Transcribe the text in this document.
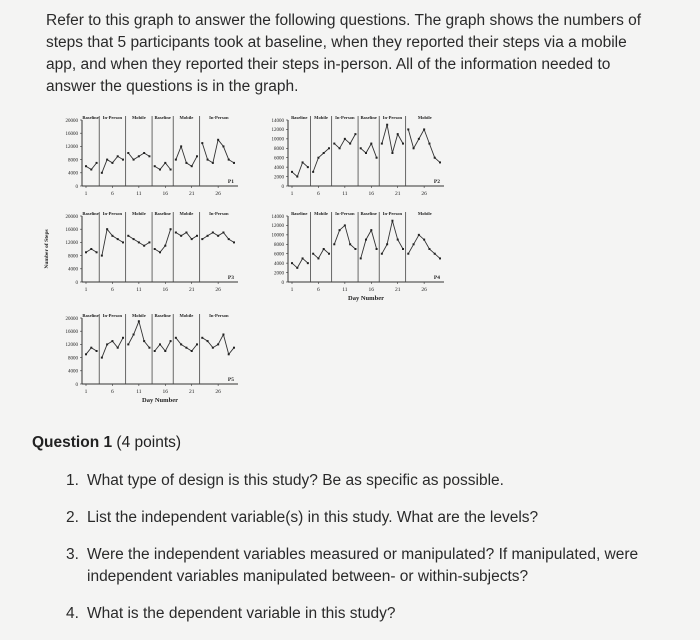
Refer to this graph to answer the following questions. The graph shows the numbers of steps that 5 participants took at baseline, when they reported their steps via a mobile app, and when they reported their steps in-person. All of the information needed to answer the questions is in the graph.
Baseline In-Person Mobile Baseline Mobile	In-Person
0
4000
8000
12000
16000
20000
1	6	11	16	21	26
P1
Baseline Mobile In-Person Baseline In-Person	Mobile
0
2000
4000
6000
8000
10000
12000
14000
1	6	11	16	21	26
P2
Baseline In-Person Mobile Baseline Mobile	In-Person
0
4000
8000
12000
16000
20000
1	6	11	16	21	26
P3
Baseline Mobile In-Person Baseline In-Person	Mobile
0
2000
4000
6000
8000
10000
12000
14000
1	6	11	16	21	26
P4
Day Number
Baseline In-Person Mobile Baseline Mobile	In-Person
0
4000
8000
12000
16000
20000
1	6	11	16	21	26
P5
Day Number
Number of Steps
Question 1 (4 points)
1. What type of design is this study? Be as specific as possible.
2. List the independent variable(s) in this study. What are the levels?
3. Were the independent variables measured or manipulated? If manipulated, were independent variables manipulated between- or within-subjects?
4. What is the dependent variable in this study?
